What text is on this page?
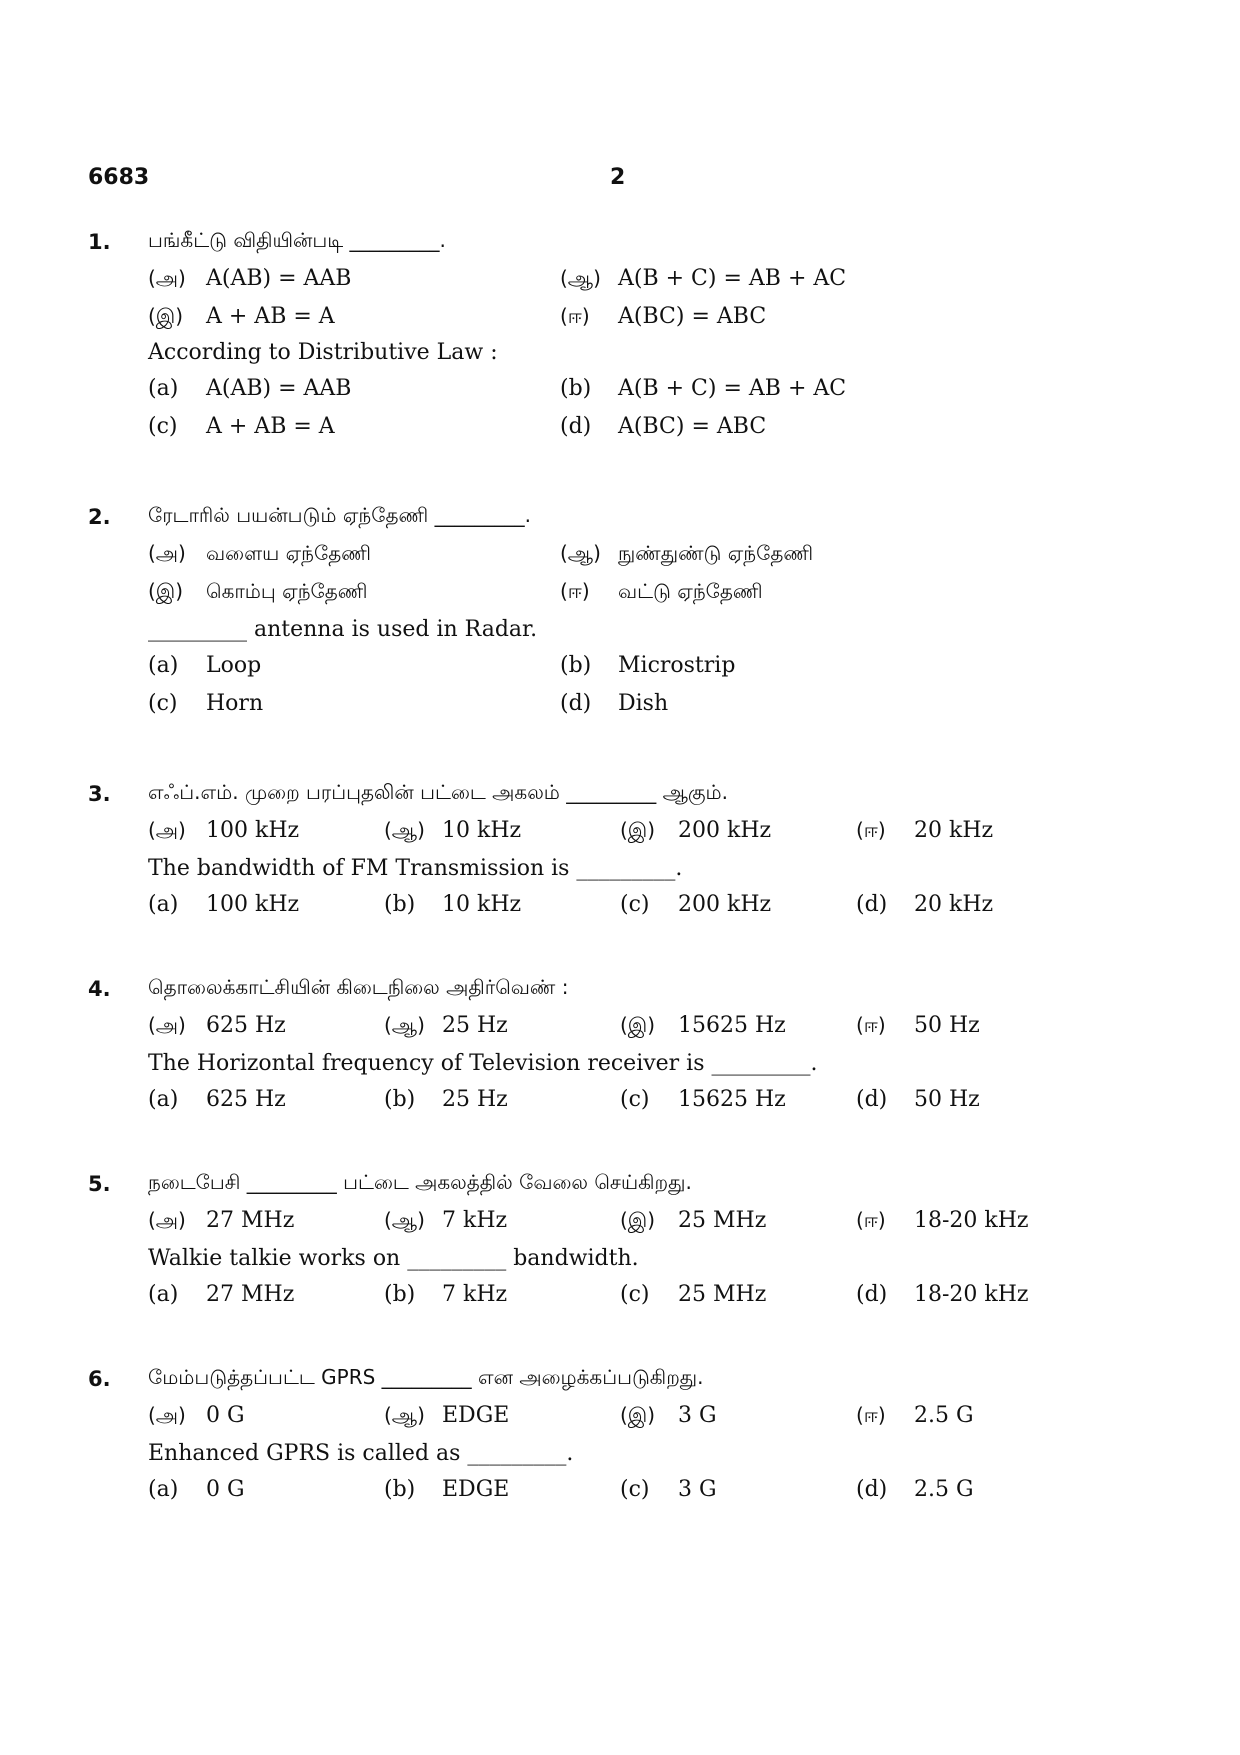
6683	2
1. பங்கீட்டு விதியின்படி _________.
(அ) A(AB) = AAB	(ஆ) A(B + C) = AB + AC
(இ) A + AB = A	(ஈ) A(BC) = ABC
According to Distributive Law :
(a) A(AB) = AAB	(b) A(B + C) = AB + AC
(c) A + AB = A	(d) A(BC) = ABC
2. ரேடாரில் பயன்படும் ஏந்தேணி _________.
(அ) வளைய ஏந்தேணி	(ஆ) நுண்துண்டு ஏந்தேணி
(இ) கொம்பு ஏந்தேணி	(ஈ) வட்டு ஏந்தேணி
_________ antenna is used in Radar.
(a) Loop	(b) Microstrip
(c) Horn	(d) Dish
3. எஃப்.எம். முறை பரப்புதலின் பட்டை அகலம் _________ ஆகும்.
(அ) 100 kHz	(ஆ) 10 kHz	(இ) 200 kHz	(ஈ) 20 kHz
The bandwidth of FM Transmission is _________.
(a) 100 kHz	(b) 10 kHz	(c) 200 kHz	(d) 20 kHz
4. தொலைக்காட்சியின் கிடைநிலை அதிர்வெண் :
(அ) 625 Hz	(ஆ) 25 Hz	(இ) 15625 Hz	(ஈ) 50 Hz
The Horizontal frequency of Television receiver is _________.
(a) 625 Hz	(b) 25 Hz	(c) 15625 Hz	(d) 50 Hz
5. நடைபேசி _________ பட்டை அகலத்தில் வேலை செய்கிறது.
(அ) 27 MHz	(ஆ) 7 kHz	(இ) 25 MHz	(ஈ) 18-20 kHz
Walkie talkie works on _________ bandwidth.
(a) 27 MHz	(b) 7 kHz	(c) 25 MHz	(d) 18-20 kHz
6. மேம்படுத்தப்பட்ட GPRS _________ என அழைக்கப்படுகிறது.
(அ) 0 G	(ஆ) EDGE	(இ) 3 G	(ஈ) 2.5 G
Enhanced GPRS is called as _________.
(a) 0 G	(b) EDGE	(c) 3 G	(d) 2.5 G
